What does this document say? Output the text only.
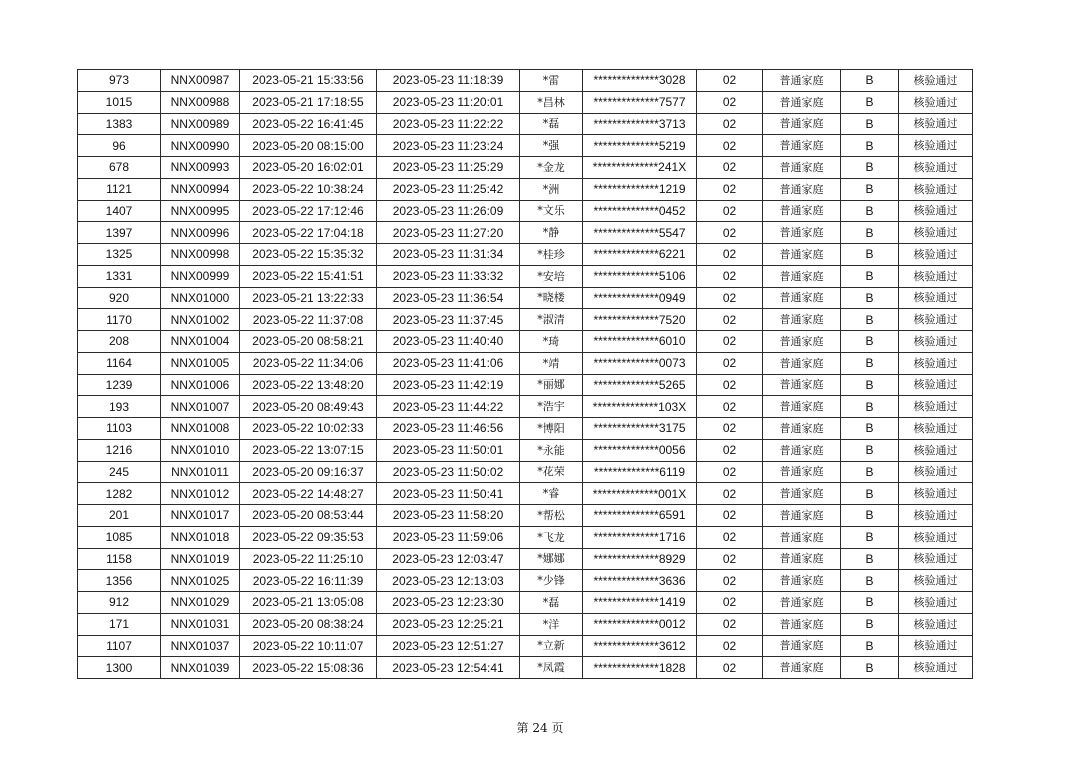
973	NNX00987	2023-05-21 15:33:56	2023-05-23 11:18:39	*雷	**************3028	02	普通家庭	B	核验通过
1015	NNX00988	2023-05-21 17:18:55	2023-05-23 11:20:01	*昌林	**************7577	02	普通家庭	B	核验通过
1383	NNX00989	2023-05-22 16:41:45	2023-05-23 11:22:22	*磊	**************3713	02	普通家庭	B	核验通过
96	NNX00990	2023-05-20 08:15:00	2023-05-23 11:23:24	*强	**************5219	02	普通家庭	B	核验通过
678	NNX00993	2023-05-20 16:02:01	2023-05-23 11:25:29	*金龙	**************241X	02	普通家庭	B	核验通过
1121	NNX00994	2023-05-22 10:38:24	2023-05-23 11:25:42	*洲	**************1219	02	普通家庭	B	核验通过
1407	NNX00995	2023-05-22 17:12:46	2023-05-23 11:26:09	*文乐	**************0452	02	普通家庭	B	核验通过
1397	NNX00996	2023-05-22 17:04:18	2023-05-23 11:27:20	*静	**************5547	02	普通家庭	B	核验通过
1325	NNX00998	2023-05-22 15:35:32	2023-05-23 11:31:34	*桂珍	**************6221	02	普通家庭	B	核验通过
1331	NNX00999	2023-05-22 15:41:51	2023-05-23 11:33:32	*安培	**************5106	02	普通家庭	B	核验通过
920	NNX01000	2023-05-21 13:22:33	2023-05-23 11:36:54	*晓楼	**************0949	02	普通家庭	B	核验通过
1170	NNX01002	2023-05-22 11:37:08	2023-05-23 11:37:45	*淑清	**************7520	02	普通家庭	B	核验通过
208	NNX01004	2023-05-20 08:58:21	2023-05-23 11:40:40	*琦	**************6010	02	普通家庭	B	核验通过
1164	NNX01005	2023-05-22 11:34:06	2023-05-23 11:41:06	*靖	**************0073	02	普通家庭	B	核验通过
1239	NNX01006	2023-05-22 13:48:20	2023-05-23 11:42:19	*丽娜	**************5265	02	普通家庭	B	核验通过
193	NNX01007	2023-05-20 08:49:43	2023-05-23 11:44:22	*浩宇	**************103X	02	普通家庭	B	核验通过
1103	NNX01008	2023-05-22 10:02:33	2023-05-23 11:46:56	*博阳	**************3175	02	普通家庭	B	核验通过
1216	NNX01010	2023-05-22 13:07:15	2023-05-23 11:50:01	*永能	**************0056	02	普通家庭	B	核验通过
245	NNX01011	2023-05-20 09:16:37	2023-05-23 11:50:02	*花荣	**************6119	02	普通家庭	B	核验通过
1282	NNX01012	2023-05-22 14:48:27	2023-05-23 11:50:41	*睿	**************001X	02	普通家庭	B	核验通过
201	NNX01017	2023-05-20 08:53:44	2023-05-23 11:58:20	*帮松	**************6591	02	普通家庭	B	核验通过
1085	NNX01018	2023-05-22 09:35:53	2023-05-23 11:59:06	*飞龙	**************1716	02	普通家庭	B	核验通过
1158	NNX01019	2023-05-22 11:25:10	2023-05-23 12:03:47	*娜娜	**************8929	02	普通家庭	B	核验通过
1356	NNX01025	2023-05-22 16:11:39	2023-05-23 12:13:03	*少锋	**************3636	02	普通家庭	B	核验通过
912	NNX01029	2023-05-21 13:05:08	2023-05-23 12:23:30	*磊	**************1419	02	普通家庭	B	核验通过
171	NNX01031	2023-05-20 08:38:24	2023-05-23 12:25:21	*洋	**************0012	02	普通家庭	B	核验通过
1107	NNX01037	2023-05-22 10:11:07	2023-05-23 12:51:27	*立新	**************3612	02	普通家庭	B	核验通过
1300	NNX01039	2023-05-22 15:08:36	2023-05-23 12:54:41	*凤霞	**************1828	02	普通家庭	B	核验通过
第 24 页
